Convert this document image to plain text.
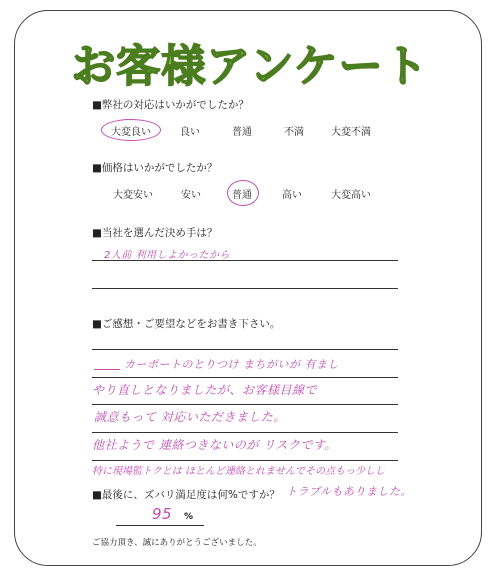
お客様アンケート
■弊社の対応はいかがでしたか？
大変良い	良い	普通	不満	大変不満
■価格はいかがでしたか？
大変安い	安い	普通	高い	大変高い
■当社を選んだ決め手は？
2人前 利用しよかったから
■ご感想・ご要望などをお書き下さい。
カーポートのとりつけ まちがいが 有まし
やり直しとなりましたが、お客様目線で
誠意もって 対応いただきました。
他社ようで 連絡つきないのが リスクです。
特に現場監トクとは ほとんど連絡とれませんでその点もっ少しし
トラブルもありました。
■最後に、ズバリ満足度は何%ですか？
95 %
ご協力頂き、誠にありがとうございました。
